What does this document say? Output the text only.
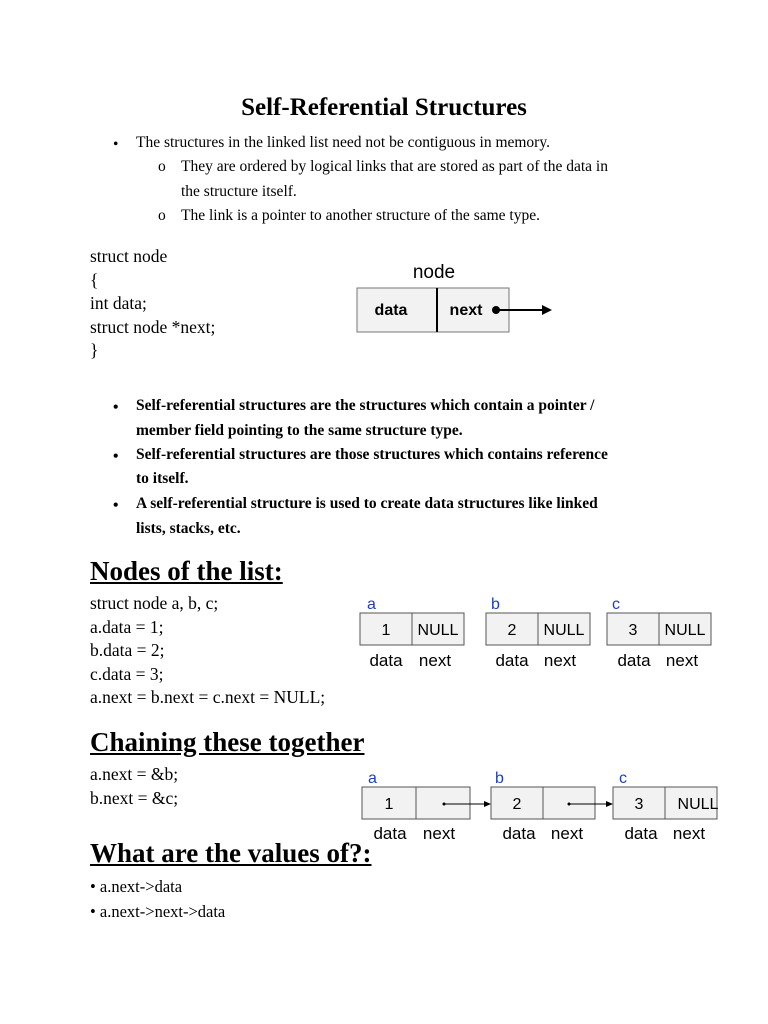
Self-Referential Structures
• The structures in the linked list need not be contiguous in memory.
o They are ordered by logical links that are stored as part of the data in
the structure itself.
o The link is a pointer to another structure of the same type.
struct node
{
int data;
struct node *next;
}
node
data	next
• Self-referential structures are the structures which contain a pointer /
member field pointing to the same structure type.
• Self-referential structures are those structures which contains reference
to itself.
• A self-referential structure is used to create data structures like linked
lists, stacks, etc.
Nodes of the list:
struct node a, b, c;
a.data = 1;
b.data = 2;
c.data = 3;
a.next = b.next = c.next = NULL;
a
1 NULL
data next
b
2 NULL
data next
c
3 NULL
data next
Chaining these together
a.next = &b;
b.next = &c;
a
1
data next
b
2
data next
c
3 NULL
data next
What are the values of?:
• a.next->data
• a.next->next->data
